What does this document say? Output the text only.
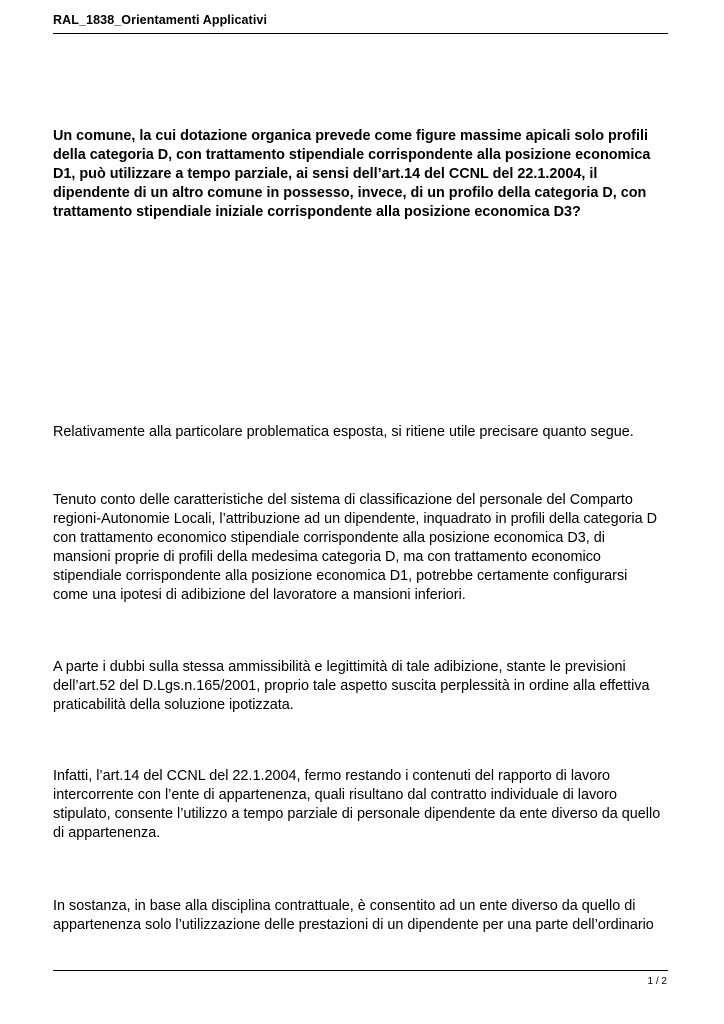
RAL_1838_Orientamenti Applicativi
Un comune, la cui dotazione organica prevede come figure massime apicali solo profili
della categoria D, con trattamento stipendiale corrispondente alla posizione economica
D1, può utilizzare a tempo parziale, ai sensi dell’art.14 del CCNL del 22.1.2004, il
dipendente di un altro comune in possesso, invece, di un profilo della categoria D, con
trattamento stipendiale iniziale corrispondente alla posizione economica D3?
Relativamente alla particolare problematica esposta, si ritiene utile precisare quanto segue.
Tenuto conto delle caratteristiche del sistema di classificazione del personale del Comparto
regioni-Autonomie Locali, l’attribuzione ad un dipendente, inquadrato in profili della categoria D
con trattamento economico stipendiale corrispondente alla posizione economica D3, di
mansioni proprie di profili della medesima categoria D, ma con trattamento economico
stipendiale corrispondente alla posizione economica D1, potrebbe certamente configurarsi
come una ipotesi di adibizione del lavoratore a mansioni inferiori.
A parte i dubbi sulla stessa ammissibilità e legittimità di tale adibizione, stante le previsioni
dell’art.52 del D.Lgs.n.165/2001, proprio tale aspetto suscita perplessità in ordine alla effettiva
praticabilità della soluzione ipotizzata.
Infatti, l’art.14 del CCNL del 22.1.2004, fermo restando i contenuti del rapporto di lavoro
intercorrente con l’ente di appartenenza, quali risultano dal contratto individuale di lavoro
stipulato, consente l’utilizzo a tempo parziale di personale dipendente da ente diverso da quello
di appartenenza.
In sostanza, in base alla disciplina contrattuale, è consentito ad un ente diverso da quello di
appartenenza solo l’utilizzazione delle prestazioni di un dipendente per una parte dell’ordinario
1 / 2
